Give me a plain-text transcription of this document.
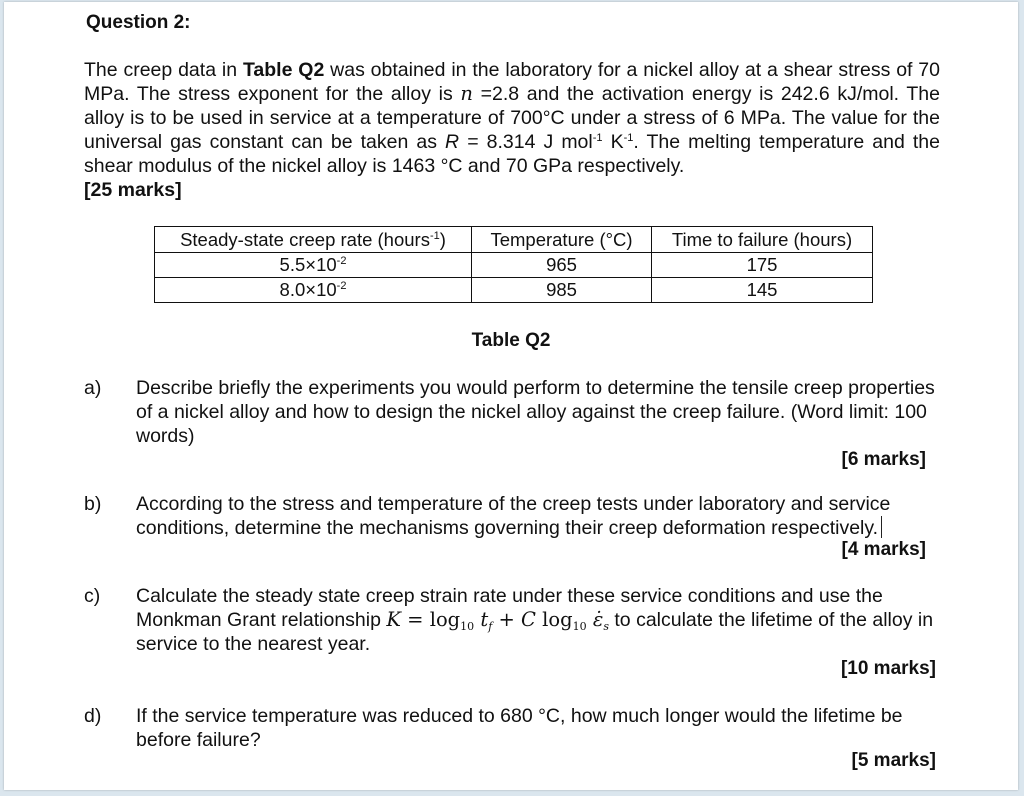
Question 2:
The creep data in Table Q2 was obtained in the laboratory for a nickel alloy at a shear stress of 70 MPa. The stress exponent for the alloy is n =2.8 and the activation energy is 242.6 kJ/mol. The alloy is to be used in service at a temperature of 700°C under a stress of 6 MPa. The value for the universal gas constant can be taken as R = 8.314 J mol$^{-1}$ $K^{-1}$. The melting temperature and the shear modulus of the nickel alloy is 1463 °C and 70 GPa respectively.
[25 marks]
Steady-state creep rate (hours$^{-1}$)	Temperature (°C)	Time to failure (hours)
$5.5\times 10^{-2}$	965	175
$8.0\times 10^{-2}$	985	145
Table Q2
a) Describe briefly the experiments you would perform to determine the tensile creep properties of a nickel alloy and how to design the nickel alloy against the creep failure. (Word limit: 100 words)
[6 marks]
b) According to the stress and temperature of the creep tests under laboratory and service conditions, determine the mechanisms governing their creep deformation respectively.
[4 marks]
c) Calculate the steady state creep strain rate under these service conditions and use the Monkman Grant relationship $K = \log_{10} t_f + C$ $\log_{10}$ $\varepsiloṅ_s$ to calculate the lifetime of the alloy in service to the nearest year.
[10 marks]
d) If the service temperature was reduced to 680 °C, how much longer would the lifetime be before failure?
[5 marks]
